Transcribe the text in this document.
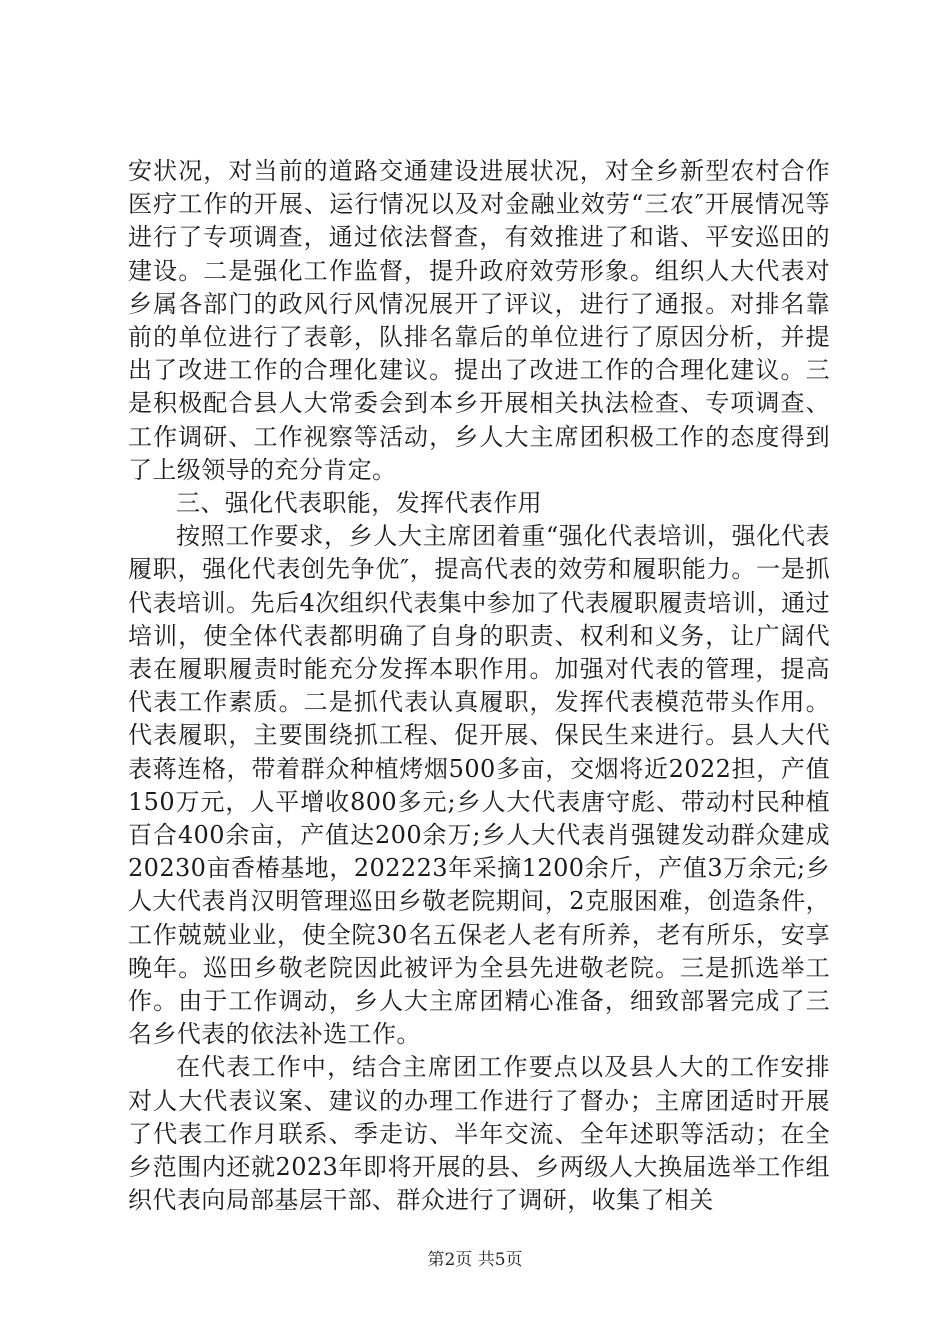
安状况，对当前的道路交通建设进展状况，对全乡新型农村合作医疗工作的开展、运行情况以及对金融业效劳“三农″开展情况等进行了专项调查，通过依法督查，有效推进了和谐、平安巡田的建设。二是强化工作监督，提升政府效劳形象。组织人大代表对乡属各部门的政风行风情况展开了评议，进行了通报。对排名靠前的单位进行了表彰，队排名靠后的单位进行了原因分析，并提出了改进工作的合理化建议。提出了改进工作的合理化建议。三是积极配合县人大常委会到本乡开展相关执法检查、专项调查、工作调研、工作视察等活动，乡人大主席团积极工作的态度得到了上级领导的充分肯定。

三、强化代表职能，发挥代表作用

按照工作要求，乡人大主席团着重“强化代表培训，强化代表履职，强化代表创先争优″，提高代表的效劳和履职能力。一是抓代表培训。先后4次组织代表集中参加了代表履职履责培训，通过培训，使全体代表都明确了自身的职责、权利和义务，让广阔代表在履职履责时能充分发挥本职作用。加强对代表的管理，提高代表工作素质。二是抓代表认真履职，发挥代表模范带头作用。代表履职，主要围绕抓工程、促开展、保民生来进行。县人大代表蒋连格，带着群众种植烤烟500多亩，交烟将近2022担，产值150万元，人平增收800多元;乡人大代表唐守彪、带动村民种植百合400余亩，产值达200余万;乡人大代表肖强键发动群众建成20230亩香椿基地，202223年采摘1200余斤，产值3万余元;乡人大代表肖汉明管理巡田乡敬老院期间，2克服困难，创造条件，工作兢兢业业，使全院30名五保老人老有所养，老有所乐，安享晚年。巡田乡敬老院因此被评为全县先进敬老院。三是抓选举工作。由于工作调动，乡人大主席团精心准备，细致部署完成了三名乡代表的依法补选工作。

在代表工作中，结合主席团工作要点以及县人大的工作安排对人大代表议案、建议的办理工作进行了督办；主席团适时开展了代表工作月联系、季走访、半年交流、全年述职等活动；在全乡范围内还就2023年即将开展的县、乡两级人大换届选举工作组织代表向局部基层干部、群众进行了调研，收集了相关

第2页 共5页
